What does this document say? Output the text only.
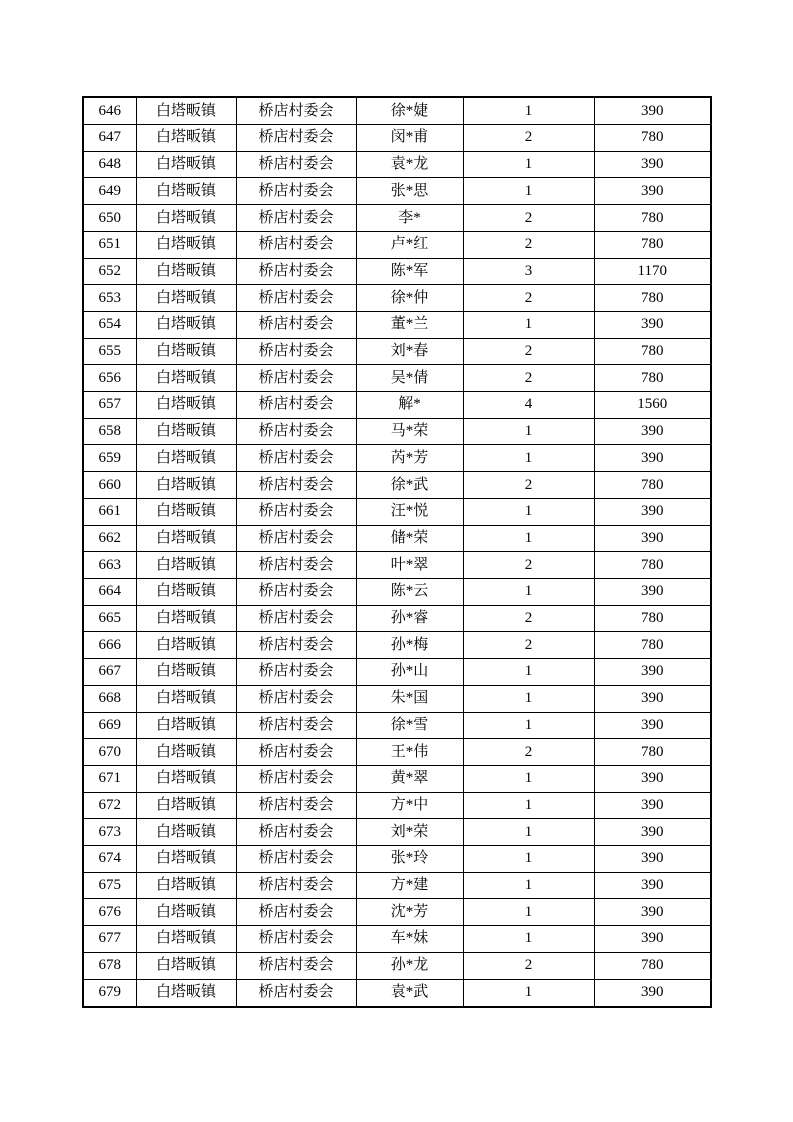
646	白塔畈镇	桥店村委会	徐*婕	1	390
647	白塔畈镇	桥店村委会	闵*甫	2	780
648	白塔畈镇	桥店村委会	袁*龙	1	390
649	白塔畈镇	桥店村委会	张*思	1	390
650	白塔畈镇	桥店村委会	李*	2	780
651	白塔畈镇	桥店村委会	卢*红	2	780
652	白塔畈镇	桥店村委会	陈*军	3	1170
653	白塔畈镇	桥店村委会	徐*仲	2	780
654	白塔畈镇	桥店村委会	董*兰	1	390
655	白塔畈镇	桥店村委会	刘*春	2	780
656	白塔畈镇	桥店村委会	吴*倩	2	780
657	白塔畈镇	桥店村委会	解*	4	1560
658	白塔畈镇	桥店村委会	马*荣	1	390
659	白塔畈镇	桥店村委会	芮*芳	1	390
660	白塔畈镇	桥店村委会	徐*武	2	780
661	白塔畈镇	桥店村委会	汪*悦	1	390
662	白塔畈镇	桥店村委会	储*荣	1	390
663	白塔畈镇	桥店村委会	叶*翠	2	780
664	白塔畈镇	桥店村委会	陈*云	1	390
665	白塔畈镇	桥店村委会	孙*睿	2	780
666	白塔畈镇	桥店村委会	孙*梅	2	780
667	白塔畈镇	桥店村委会	孙*山	1	390
668	白塔畈镇	桥店村委会	朱*国	1	390
669	白塔畈镇	桥店村委会	徐*雪	1	390
670	白塔畈镇	桥店村委会	王*伟	2	780
671	白塔畈镇	桥店村委会	黄*翠	1	390
672	白塔畈镇	桥店村委会	方*中	1	390
673	白塔畈镇	桥店村委会	刘*荣	1	390
674	白塔畈镇	桥店村委会	张*玲	1	390
675	白塔畈镇	桥店村委会	方*建	1	390
676	白塔畈镇	桥店村委会	沈*芳	1	390
677	白塔畈镇	桥店村委会	车*妹	1	390
678	白塔畈镇	桥店村委会	孙*龙	2	780
679	白塔畈镇	桥店村委会	袁*武	1	390
